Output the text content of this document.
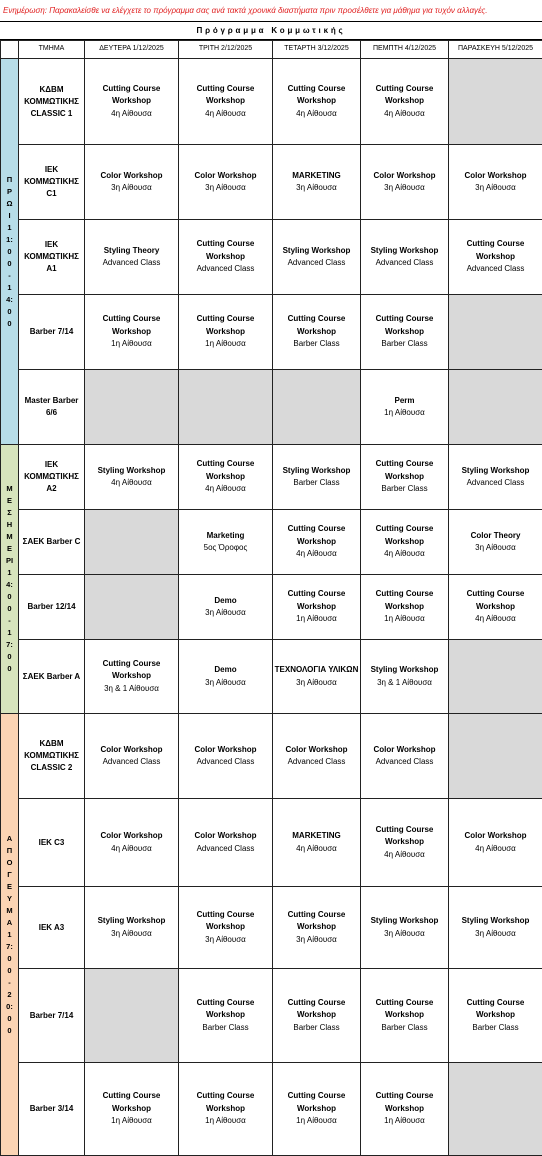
Ενημέρωση: Παρακαλείσθε να ελέγχετε το πρόγραμμα σας ανά τακτά χρονικά διαστήματα πριν προσέλθετε για μάθημα για τυχόν αλλαγές.
Πρόγραμμα Κομμωτικής
	ΤΜΗΜΑ	ΔΕΥΤΕΡΑ 1/12/2025	ΤΡΙΤΗ 2/12/2025	ΤΕΤΑΡΤΗ 3/12/2025	ΠΕΜΠΤΗ 4/12/2025	ΠΑΡΑΣΚΕΥΗ 5/12/2025

ΠΡΩΙ 11:00 - 14:00	ΚΔΒΜ ΚΟΜΜΩΤΙΚΗΣ CLASSIC 1	Cutting Course Workshop
4η Αίθουσα	Cutting Course Workshop
4η Αίθουσα	Cutting Course Workshop
4η Αίθουσα	Cutting Course Workshop
4η Αίθουσα	

	ΙΕΚ ΚΟΜΜΩΤΙΚΗΣ C1	Color Workshop
3η Αίθουσα	Color Workshop
3η Αίθουσα	MARKETING
3η Αίθουσα	Color Workshop
3η Αίθουσα	Color Workshop
3η Αίθουσα

	ΙΕΚ ΚΟΜΜΩΤΙΚΗΣ A1	Styling Theory
Advanced Class	Cutting Course Workshop
Advanced Class	Styling Workshop
Advanced Class	Styling Workshop
Advanced Class	Cutting Course Workshop
Advanced Class

	Barber 7/14	Cutting Course Workshop
1η Αίθουσα	Cutting Course Workshop
1η Αίθουσα	Cutting Course Workshop
Barber Class	Cutting Course Workshop
Barber Class	

	Master Barber 6/6				Perm
1η Αίθουσα	

ΜΕΣΗΜΕΡΙ 14:00 - 17:00	ΙΕΚ ΚΟΜΜΩΤΙΚΗΣ A2	Styling Workshop
4η Αίθουσα	Cutting Course Workshop
4η Αίθουσα	Styling Workshop
Barber Class	Cutting Course Workshop
Barber Class	Styling Workshop
Advanced Class

	ΣΑΕΚ Barber C		Marketing
5ος Όροφος	Cutting Course Workshop
4η Αίθουσα	Cutting Course Workshop
4η Αίθουσα	Color Theory
3η Αίθουσα

	Barber 12/14		Demo
3η Αίθουσα	Cutting Course Workshop
1η Αίθουσα	Cutting Course Workshop
1η Αίθουσα	Cutting Course Workshop
4η Αίθουσα

	ΣΑΕΚ Barber A	Cutting Course Workshop
3η & 1 Αίθουσα	Demo
3η Αίθουσα	ΤΕΧΝΟΛΟΓΙΑ ΥΛΙΚΩΝ
3η Αίθουσα	Styling Workshop
3η & 1 Αίθουσα	

ΑΠΟΓΕΥΜΑ 17:00 - 20:00	ΚΔΒΜ ΚΟΜΜΩΤΙΚΗΣ CLASSIC 2	Color Workshop
Advanced Class	Color Workshop
Advanced Class	Color Workshop
Advanced Class	Color Workshop
Advanced Class	

	ΙΕΚ C3	Color Workshop
4η Αίθουσα	Color Workshop
Advanced Class	MARKETING
4η Αίθουσα	Cutting Course Workshop
4η Αίθουσα	Color Workshop
4η Αίθουσα

	ΙΕΚ Α3	Styling Workshop
3η Αίθουσα	Cutting Course Workshop
3η Αίθουσα	Cutting Course Workshop
3η Αίθουσα	Styling Workshop
3η Αίθουσα	Styling Workshop
3η Αίθουσα

	Barber 7/14		Cutting Course Workshop
Barber Class	Cutting Course Workshop
Barber Class	Cutting Course Workshop
Barber Class	Cutting Course Workshop
Barber Class

	Barber 3/14	Cutting Course Workshop
1η Αίθουσα	Cutting Course Workshop
1η Αίθουσα	Cutting Course Workshop
1η Αίθουσα	Cutting Course Workshop
1η Αίθουσα	
